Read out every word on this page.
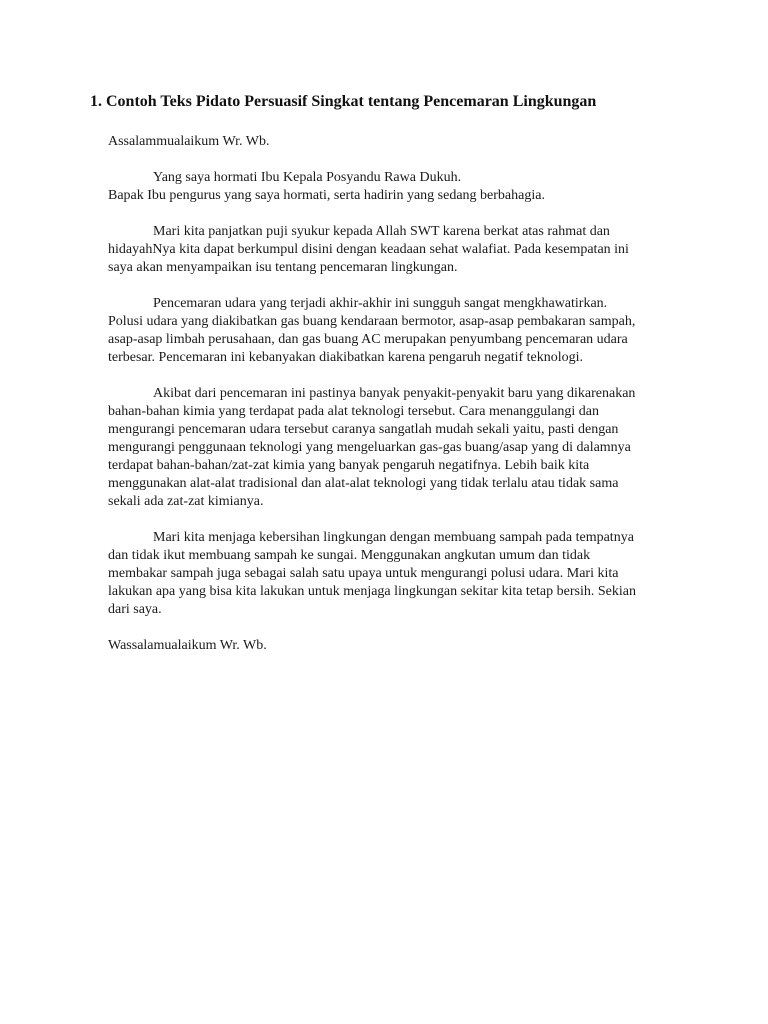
1. Contoh Teks Pidato Persuasif Singkat tentang Pencemaran Lingkungan
Assalammualaikum Wr. Wb.
Yang saya hormati Ibu Kepala Posyandu Rawa Dukuh.
Bapak Ibu pengurus yang saya hormati, serta hadirin yang sedang berbahagia.
Mari kita panjatkan puji syukur kepada Allah SWT karena berkat atas rahmat dan
hidayahNya kita dapat berkumpul disini dengan keadaan sehat walafiat. Pada kesempatan ini
saya akan menyampaikan isu tentang pencemaran lingkungan.
Pencemaran udara yang terjadi akhir-akhir ini sungguh sangat mengkhawatirkan.
Polusi udara yang diakibatkan gas buang kendaraan bermotor, asap-asap pembakaran sampah,
asap-asap limbah perusahaan, dan gas buang AC merupakan penyumbang pencemaran udara
terbesar. Pencemaran ini kebanyakan diakibatkan karena pengaruh negatif teknologi.
Akibat dari pencemaran ini pastinya banyak penyakit-penyakit baru yang dikarenakan
bahan-bahan kimia yang terdapat pada alat teknologi tersebut. Cara menanggulangi dan
mengurangi pencemaran udara tersebut caranya sangatlah mudah sekali yaitu, pasti dengan
mengurangi penggunaan teknologi yang mengeluarkan gas-gas buang/asap yang di dalamnya
terdapat bahan-bahan/zat-zat kimia yang banyak pengaruh negatifnya. Lebih baik kita
menggunakan alat-alat tradisional dan alat-alat teknologi yang tidak terlalu atau tidak sama
sekali ada zat-zat kimianya.
Mari kita menjaga kebersihan lingkungan dengan membuang sampah pada tempatnya
dan tidak ikut membuang sampah ke sungai. Menggunakan angkutan umum dan tidak
membakar sampah juga sebagai salah satu upaya untuk mengurangi polusi udara. Mari kita
lakukan apa yang bisa kita lakukan untuk menjaga lingkungan sekitar kita tetap bersih. Sekian
dari saya.
Wassalamualaikum Wr. Wb.
